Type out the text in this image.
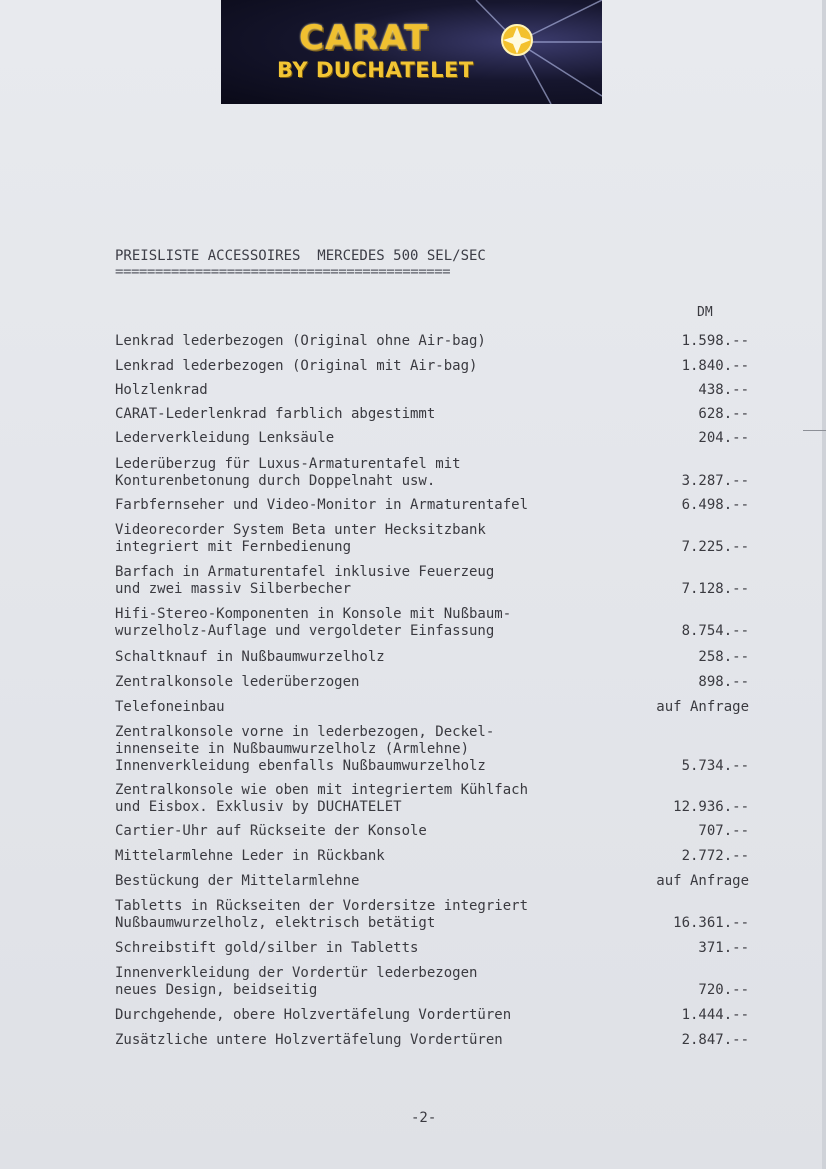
CARAT
BY DUCHATELET
PREISLISTE ACCESSOIRES  MERCEDES 500 SEL/SEC
==========================================
DM
Lenkrad lederbezogen (Original ohne Air-bag)	1.598.--
Lenkrad lederbezogen (Original mit Air-bag)	1.840.--
Holzlenkrad	438.--
CARAT-Lederlenkrad farblich abgestimmt	628.--
Lederverkleidung Lenksäule	204.--
Lederüberzug für Luxus-Armaturentafel mit
Konturenbetonung durch Doppelnaht usw.	3.287.--
Farbfernseher und Video-Monitor in Armaturentafel	6.498.--
Videorecorder System Beta unter Hecksitzbank
integriert mit Fernbedienung	7.225.--
Barfach in Armaturentafel inklusive Feuerzeug
und zwei massiv Silberbecher	7.128.--
Hifi-Stereo-Komponenten in Konsole mit Nußbaum-
wurzelholz-Auflage und vergoldeter Einfassung	8.754.--
Schaltknauf in Nußbaumwurzelholz	258.--
Zentralkonsole lederüberzogen	898.--
Telefoneinbau	auf Anfrage
Zentralkonsole vorne in lederbezogen, Deckel-
innenseite in Nußbaumwurzelholz (Armlehne)
Innenverkleidung ebenfalls Nußbaumwurzelholz	5.734.--
Zentralkonsole wie oben mit integriertem Kühlfach
und Eisbox. Exklusiv by DUCHATELET	12.936.--
Cartier-Uhr auf Rückseite der Konsole	707.--
Mittelarmlehne Leder in Rückbank	2.772.--
Bestückung der Mittelarmlehne	auf Anfrage
Tabletts in Rückseiten der Vordersitze integriert
Nußbaumwurzelholz, elektrisch betätigt	16.361.--
Schreibstift gold/silber in Tabletts	371.--
Innenverkleidung der Vordertür lederbezogen
neues Design, beidseitig	720.--
Durchgehende, obere Holzvertäfelung Vordertüren	1.444.--
Zusätzliche untere Holzvertäfelung Vordertüren	2.847.--
-2-
